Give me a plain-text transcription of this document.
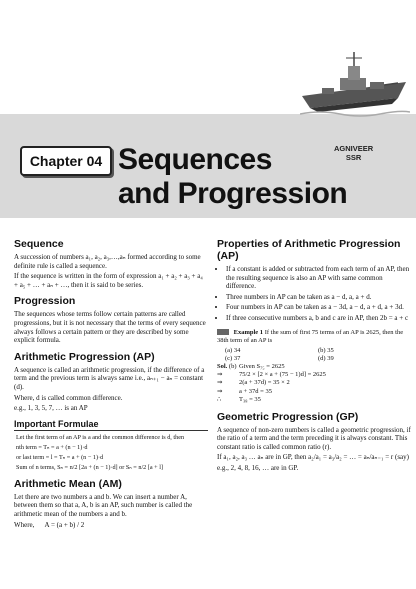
AGNIVEER
SSR
Chapter 04 Sequences
and Progression
Sequence

A succession of numbers a₁, a₂, a₃,…,aₙ formed according to some definite rule is called a sequence.

If the sequence is written in the form of expression a₁ + a₂ + a₃ + a₄ + a₅ + … + aₙ + …, then it is said to be series.

Progression

The sequences whose terms follow certain patterns are called progressions, but it is not necessary that the terms of every sequence always follows a certain pattern or they are described by some explicit formula.

Arithmetic Progression (AP)

A sequence is called an arithmetic progression, if the difference of a term and the previous term is always same i.e., aₙ₊₁ − aₙ = constant (d).

Where, d is called common difference.

e.g., 1, 3, 5, 7, … is an AP

Important Formulae

Let the first term of an AP is a and the common difference is d, then

nth term = Tₙ = a + (n − 1)·d

or last term = l = Tₙ = a + (n − 1)·d

Sum of n terms, Sₙ = n/2 [2a + (n − 1)·d] or Sₙ = n/2 [a + l]

Arithmetic Mean (AM)

Let there are two numbers a and b. We can insert a number A, between them so that a, A, b is an AP, such number is called the arithmetic mean of the numbers a and b.

Where, A = (a + b) / 2

Properties of Arithmetic Progression (AP)
• If a constant is added or subtracted from each term of an AP, then the resulting sequence is also an AP with same common difference.
• Three numbers in AP can be taken as a − d, a, a + d.
• Four numbers in AP can be taken as a − 3d, a − d, a + d, a + 3d.
• If three consecutive numbers a, b and c are in AP, then 2b = a + c

Example 1 If the sum of first 75 terms of an AP is 2625, then the 38th term of an AP is

(a) 34	(b) 35
(c) 37	(d) 39
Sol. (b) Given S₇₅ = 2625
⇒	75/2 × [2 × a + (75 − 1)d] = 2625
⇒	2(a + 37d) = 35 × 2
⇒	a + 37d = 35
∴	T₃₈ = 35
Geometric Progression (GP)

A sequence of non-zero numbers is called a geometric progression, if the ratio of a term and the term preceding it is always constant. This constant ratio is called common ratio (r).

If a₁, a₂, a₃ … aₙ are in GP, then a₂/a₁ = a₃/a₂ = … = aₙ/aₙ₋₁ = r (say)

e.g., 2, 4, 8, 16, … are in GP.
